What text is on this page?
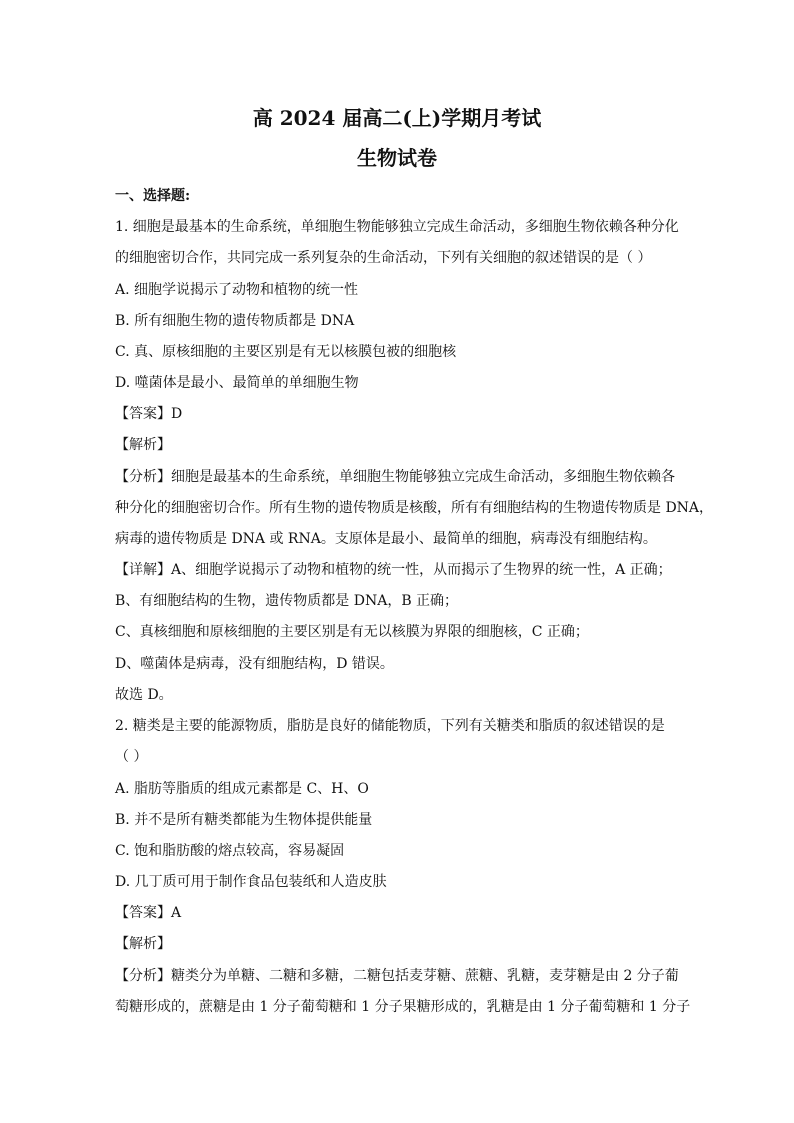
高 2024 届高二(上)学期月考试
生物试卷
一、选择题:
1. 细胞是最基本的生命系统，单细胞生物能够独立完成生命活动，多细胞生物依赖各种分化
的细胞密切合作，共同完成一系列复杂的生命活动，下列有关细胞的叙述错误的是（ ）
A. 细胞学说揭示了动物和植物的统一性
B. 所有细胞生物的遗传物质都是 DNA
C. 真、原核细胞的主要区别是有无以核膜包被的细胞核
D. 噬菌体是最小、最简单的单细胞生物
【答案】D
【解析】
【分析】细胞是最基本的生命系统，单细胞生物能够独立完成生命活动，多细胞生物依赖各
种分化的细胞密切合作。所有生物的遗传物质是核酸，所有有细胞结构的生物遗传物质是 DNA，
病毒的遗传物质是 DNA 或 RNA。支原体是最小、最简单的细胞，病毒没有细胞结构。
【详解】A、细胞学说揭示了动物和植物的统一性，从而揭示了生物界的统一性，A 正确；
B、有细胞结构的生物，遗传物质都是 DNA，B 正确；
C、真核细胞和原核细胞的主要区别是有无以核膜为界限的细胞核，C 正确；
D、噬菌体是病毒，没有细胞结构，D 错误。
故选 D。
2. 糖类是主要的能源物质，脂肪是良好的储能物质，下列有关糖类和脂质的叙述错误的是
（ ）
A. 脂肪等脂质的组成元素都是 C、H、O
B. 并不是所有糖类都能为生物体提供能量
C. 饱和脂肪酸的熔点较高，容易凝固
D. 几丁质可用于制作食品包装纸和人造皮肤
【答案】A
【解析】
【分析】糖类分为单糖、二糖和多糖，二糖包括麦芽糖、蔗糖、乳糖，麦芽糖是由 2 分子葡
萄糖形成的，蔗糖是由 1 分子葡萄糖和 1 分子果糖形成的，乳糖是由 1 分子葡萄糖和 1 分子
